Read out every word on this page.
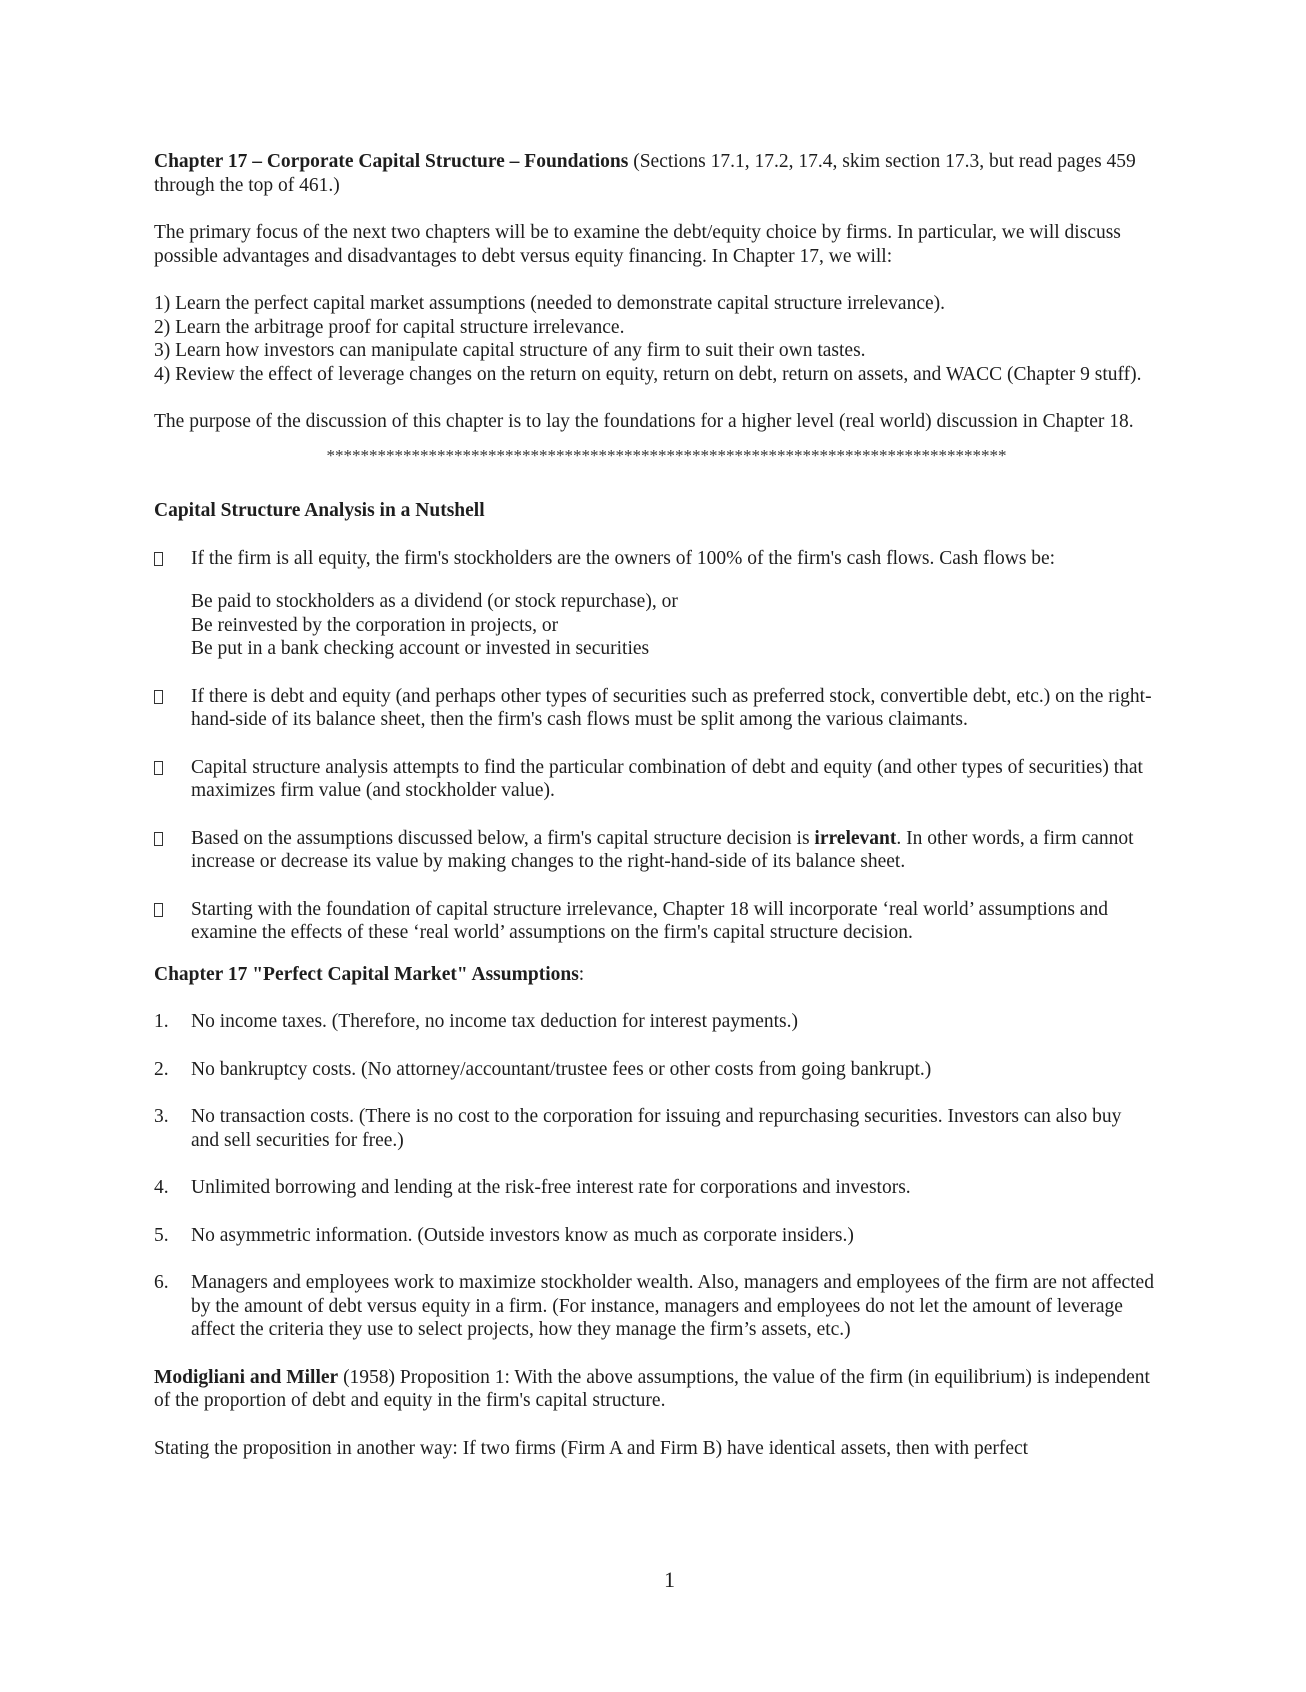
Chapter 17 – Corporate Capital Structure – Foundations (Sections 17.1, 17.2, 17.4, skim section 17.3, but read pages 459 through the top of 461.)

The primary focus of the next two chapters will be to examine the debt/equity choice by firms. In particular, we will discuss possible advantages and disadvantages to debt versus equity financing. In Chapter 17, we will:

1) Learn the perfect capital market assumptions (needed to demonstrate capital structure irrelevance).
2) Learn the arbitrage proof for capital structure irrelevance.
3) Learn how investors can manipulate capital structure of any firm to suit their own tastes.
4) Review the effect of leverage changes on the return on equity, return on debt, return on assets, and WACC (Chapter 9 stuff).

The purpose of the discussion of this chapter is to lay the foundations for a higher level (real world) discussion in Chapter 18.

********************************************************************************

Capital Structure Analysis in a Nutshell

If the firm is all equity, the firm's stockholders are the owners of 100% of the firm's cash flows. Cash flows be:
Be paid to stockholders as a dividend (or stock repurchase), or
Be reinvested by the corporation in projects, or
Be put in a bank checking account or invested in securities
If there is debt and equity (and perhaps other types of securities such as preferred stock, convertible debt, etc.) on the right-hand-side of its balance sheet, then the firm's cash flows must be split among the various claimants.
Capital structure analysis attempts to find the particular combination of debt and equity (and other types of securities) that maximizes firm value (and stockholder value).
Based on the assumptions discussed below, a firm's capital structure decision is irrelevant. In other words, a firm cannot increase or decrease its value by making changes to the right-hand-side of its balance sheet.
Starting with the foundation of capital structure irrelevance, Chapter 18 will incorporate ‘real world’ assumptions and examine the effects of these ‘real world’ assumptions on the firm's capital structure decision.

Chapter 17 "Perfect Capital Market" Assumptions:

1. No income taxes. (Therefore, no income tax deduction for interest payments.)
2. No bankruptcy costs. (No attorney/accountant/trustee fees or other costs from going bankrupt.)
3. No transaction costs. (There is no cost to the corporation for issuing and repurchasing securities. Investors can also buy and sell securities for free.)
4. Unlimited borrowing and lending at the risk-free interest rate for corporations and investors.
5. No asymmetric information. (Outside investors know as much as corporate insiders.)
6. Managers and employees work to maximize stockholder wealth. Also, managers and employees of the firm are not affected by the amount of debt versus equity in a firm. (For instance, managers and employees do not let the amount of leverage affect the criteria they use to select projects, how they manage the firm’s assets, etc.)

Modigliani and Miller (1958) Proposition 1: With the above assumptions, the value of the firm (in equilibrium) is independent of the proportion of debt and equity in the firm's capital structure.

Stating the proposition in another way: If two firms (Firm A and Firm B) have identical assets, then with perfect

1
